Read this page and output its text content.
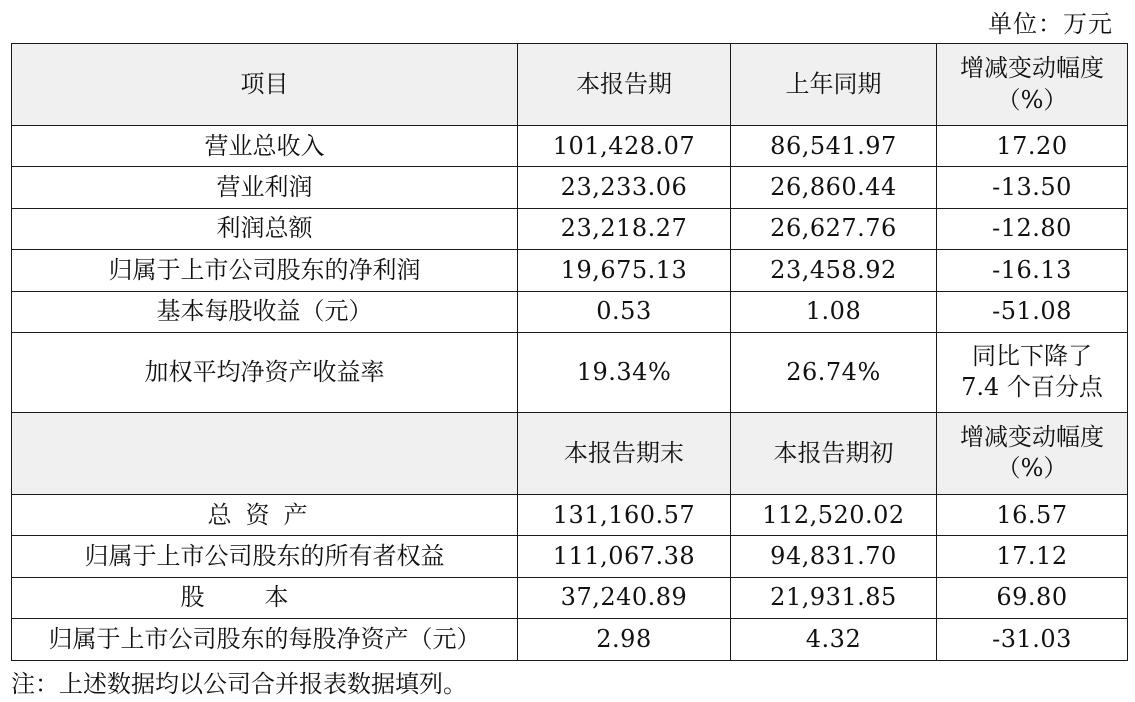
单位：万元
项目	本报告期	上年同期	增减变动幅度
（%）

营业总收入	101,428.07	86,541.97	17.20
营业利润	23,233.06	26,860.44	-13.50
利润总额	23,218.27	26,627.76	-12.80
归属于上市公司股东的净利润	19,675.13	23,458.92	-16.13
基本每股收益（元）	0.53	1.08	-51.08
加权平均净资产收益率	19.34%	26.74%	同比下降了
7.4 个百分点

	本报告期末	本报告期初	增减变动幅度
（%）

总资产	131,160.57	112,520.02	16.57
归属于上市公司股东的所有者权益	111,067.38	94,831.70	17.12
股本	37,240.89	21,931.85	69.80
归属于上市公司股东的每股净资产（元）	2.98	4.32	-31.03
注：上述数据均以公司合并报表数据填列。
